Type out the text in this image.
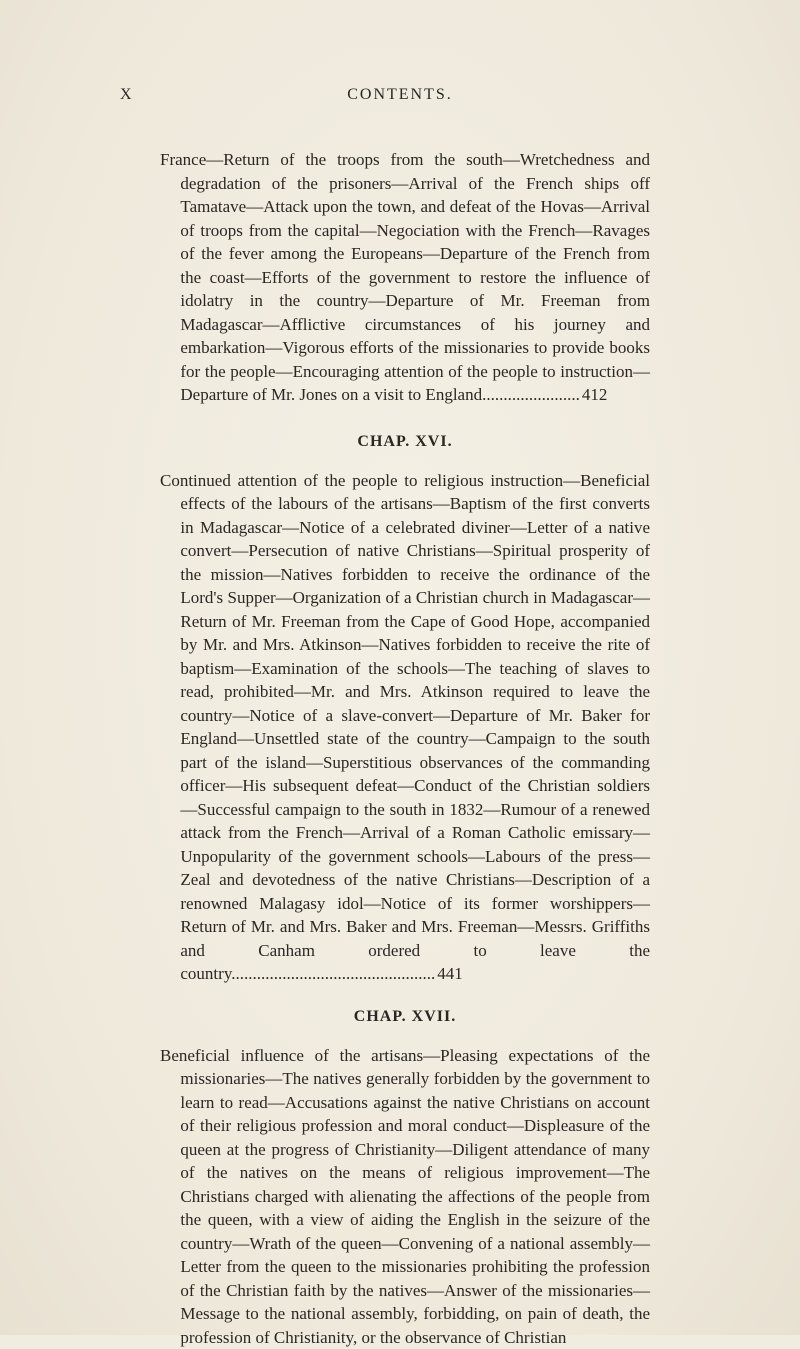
X	CONTENTS.

France—Return of the troops from the south—Wretchedness and degradation of the prisoners—Arrival of the French ships off Tamatave—Attack upon the town, and defeat of the Hovas—Arrival of troops from the capital—Negociation with the French—Ravages of the fever among the Europeans—Departure of the French from the coast—Efforts of the government to restore the influence of idolatry in the country—Departure of Mr. Freeman from Madagascar—Afflictive circumstances of his journey and embarkation—Vigorous efforts of the missionaries to provide books for the people—Encouraging attention of the people to instruction—Departure of Mr. Jones on a visit to England....................... 412

CHAP. XVI.

Continued attention of the people to religious instruction—Beneficial effects of the labours of the artisans—Baptism of the first converts in Madagascar—Notice of a celebrated diviner—Letter of a native convert—Persecution of native Christians—Spiritual prosperity of the mission—Natives forbidden to receive the ordinance of the Lord's Supper—Organization of a Christian church in Madagascar—Return of Mr. Freeman from the Cape of Good Hope, accompanied by Mr. and Mrs. Atkinson—Natives forbidden to receive the rite of baptism—Examination of the schools—The teaching of slaves to read, prohibited—Mr. and Mrs. Atkinson required to leave the country—Notice of a slave-convert—Departure of Mr. Baker for England—Unsettled state of the country—Campaign to the south part of the island—Superstitious observances of the commanding officer—His subsequent defeat—Conduct of the Christian soldiers—Successful campaign to the south in 1832—Rumour of a renewed attack from the French—Arrival of a Roman Catholic emissary—Unpopularity of the government schools—Labours of the press—Zeal and devotedness of the native Christians—Description of a renowned Malagasy idol—Notice of its former worshippers—Return of Mr. and Mrs. Baker and Mrs. Freeman—Messrs. Griffiths and Canham ordered to leave the country................................................ 441

CHAP. XVII.

Beneficial influence of the artisans—Pleasing expectations of the missionaries—The natives generally forbidden by the government to learn to read—Accusations against the native Christians on account of their religious profession and moral conduct—Displeasure of the queen at the progress of Christianity—Diligent attendance of many of the natives on the means of religious improvement—The Christians charged with alienating the affections of the people from the queen, with a view of aiding the English in the seizure of the country—Wrath of the queen—Convening of a national assembly—Letter from the queen to the missionaries prohibiting the profession of the Christian faith by the natives—Answer of the missionaries—Message to the national assembly, forbidding, on pain of death, the profession of Christianity, or the observance of Christian
